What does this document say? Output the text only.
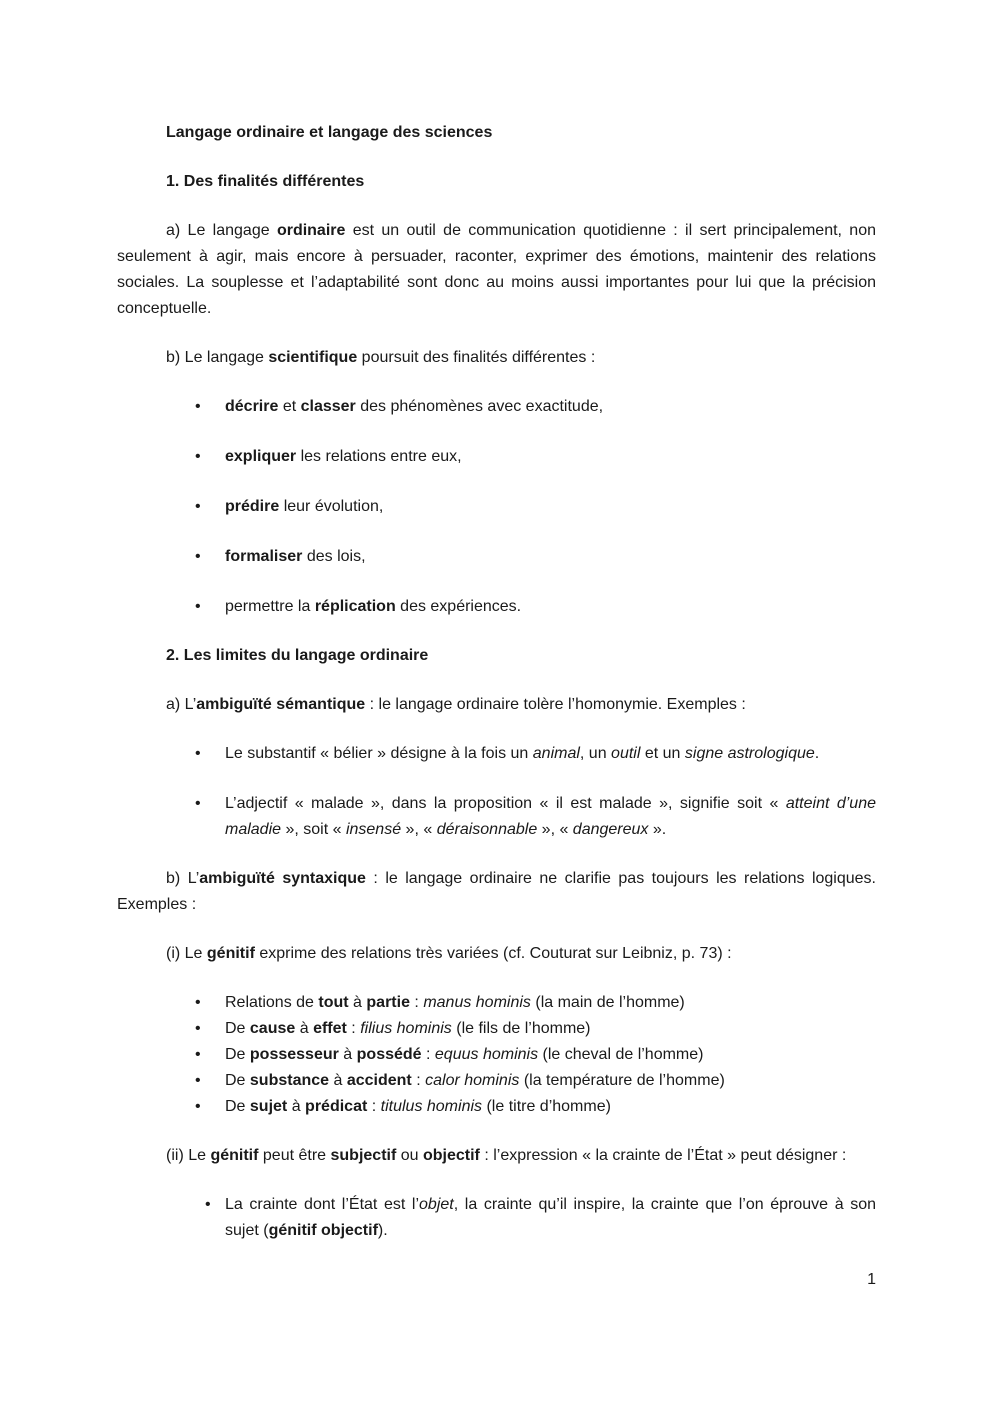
Langage ordinaire et langage des sciences

1. Des finalités différentes

a) Le langage ordinaire est un outil de communication quotidienne : il sert principalement, non seulement à agir, mais encore à persuader, raconter, exprimer des émotions, maintenir des relations sociales. La souplesse et l’adaptabilité sont donc au moins aussi importantes pour lui que la précision conceptuelle.

b) Le langage scientifique poursuit des finalités différentes :

• décrire et classer des phénomènes avec exactitude,
• expliquer les relations entre eux,
• prédire leur évolution,
• formaliser des lois,
• permettre la réplication des expériences.

2. Les limites du langage ordinaire

a) L’ambiguïté sémantique : le langage ordinaire tolère l’homonymie. Exemples :

• Le substantif « bélier » désigne à la fois un animal, un outil et un signe astrologique.
• L’adjectif « malade », dans la proposition « il est malade », signifie soit « atteint d’une maladie », soit « insensé », « déraisonnable », « dangereux ».

b) L’ambiguïté syntaxique : le langage ordinaire ne clarifie pas toujours les relations logiques. Exemples :

(i) Le génitif exprime des relations très variées (cf. Couturat sur Leibniz, p. 73) :

• Relations de tout à partie : manus hominis (la main de l’homme)
• De cause à effet : filius hominis (le fils de l’homme)
• De possesseur à possédé : equus hominis (le cheval de l’homme)
• De substance à accident : calor hominis (la température de l’homme)
• De sujet à prédicat : titulus hominis (le titre d’homme)

(ii) Le génitif peut être subjectif ou objectif : l’expression « la crainte de l’État » peut désigner :

• La crainte dont l’État est l’objet, la crainte qu’il inspire, la crainte que l’on éprouve à son sujet (génitif objectif).
1
